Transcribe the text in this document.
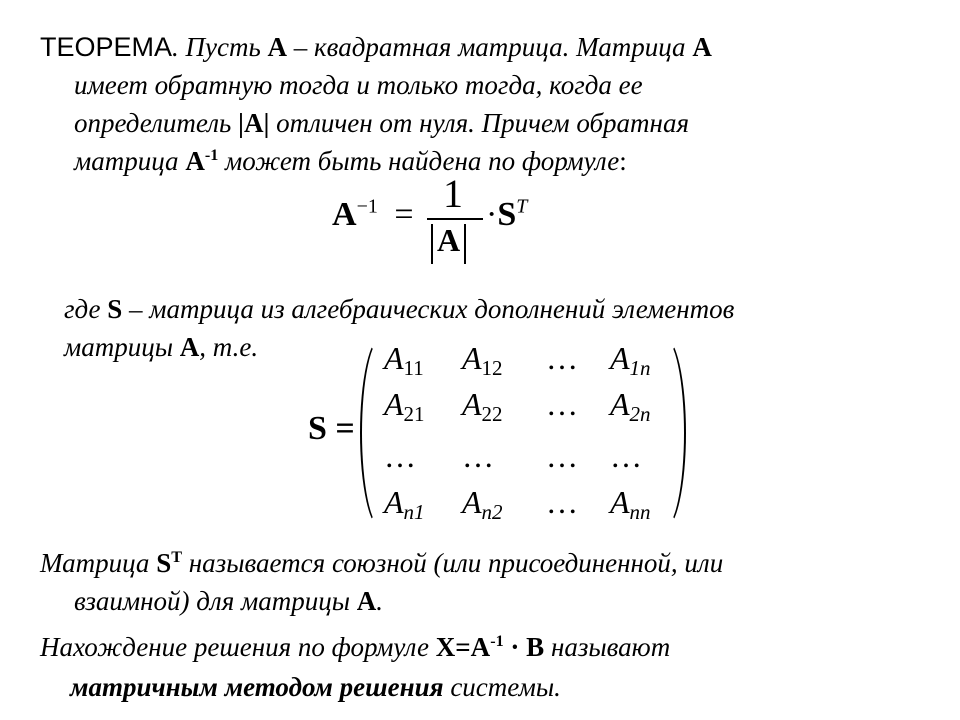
ТЕОРЕМА. Пусть A – квадратная матрица. Матрица A
имеет обратную тогда и только тогда, когда ее
определитель |A| отличен от нуля. Причем обратная
матрица $A^{-1}$ может быть найдена по формуле:
$A^{-1} = 1$
A
$\cdot S^T$
где S – матрица из алгебраических дополнений элементов
матрицы A, т.е.
S =
$A_{11}$ $A_{12}$ … $A_{1n}$
$A_{21}$ $A_{22}$ … $A_{2n}$
… … … …
$A_{n1}$ $A_{n2}$ … $A_{nn}$
Матрица $S^T$ называется союзной (или присоединенной, или
взаимной) для матрицы A.
Нахождение решения по формуле $X=A^{-1} \cdot B$ называют
матричным методом решения системы.
